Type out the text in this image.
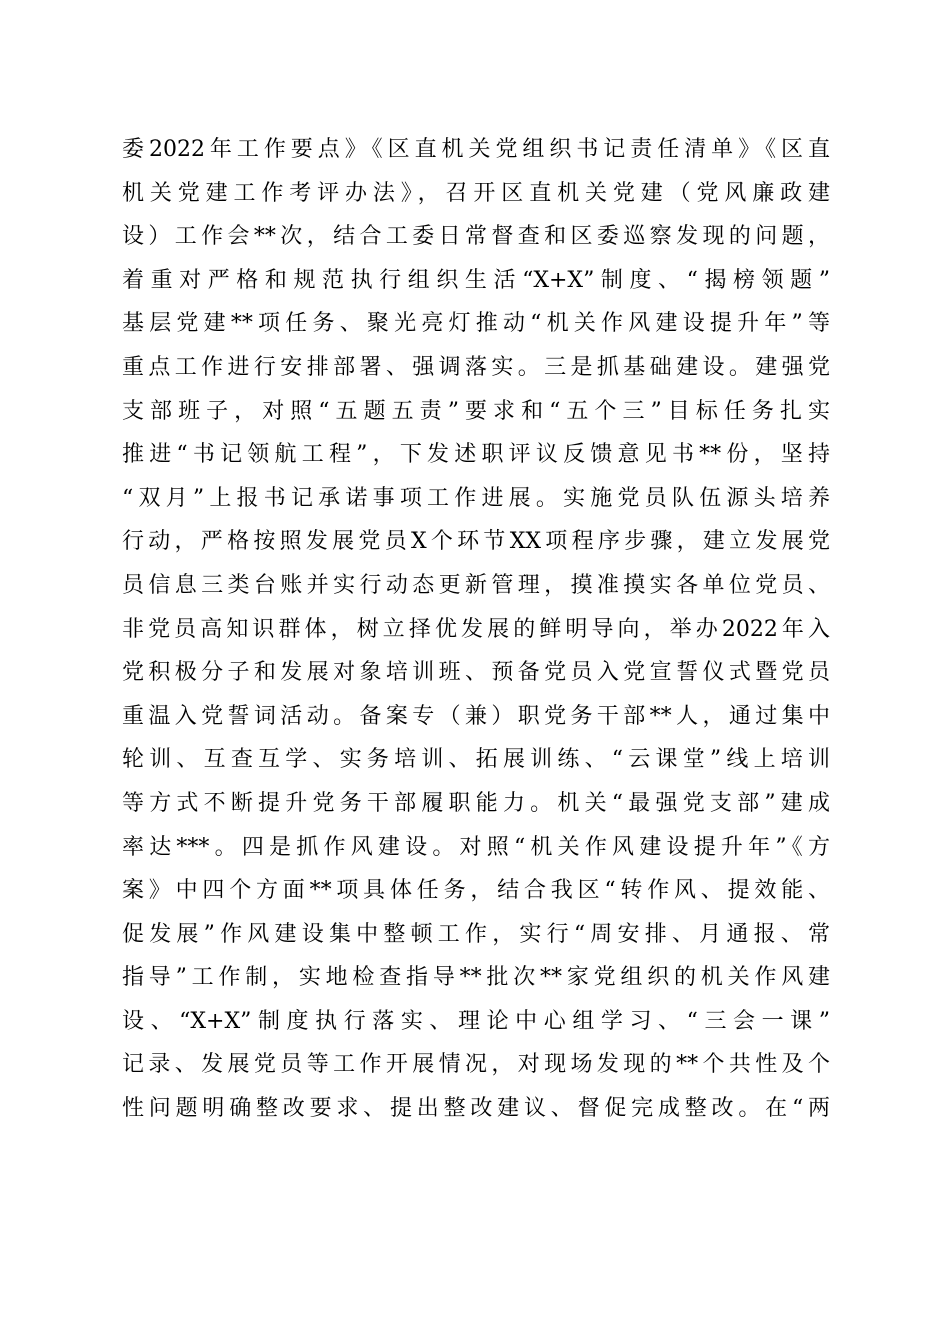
委2022年工作要点》《区直机关党组织书记责任清单》《区直
机关党建工作考评办法》，召开区直机关党建（党风廉政建
设）工作会**次，结合工委日常督查和区委巡察发现的问题，
着重对严格和规范执行组织生活“X+X”制度、“揭榜领题”
基层党建**项任务、聚光亮灯推动“机关作风建设提升年”等
重点工作进行安排部署、强调落实。三是抓基础建设。建强党
支部班子，对照“五题五责”要求和“五个三”目标任务扎实
推进“书记领航工程”，下发述职评议反馈意见书**份，坚持
“双月”上报书记承诺事项工作进展。实施党员队伍源头培养
行动，严格按照发展党员X个环节XX项程序步骤，建立发展党
员信息三类台账并实行动态更新管理，摸准摸实各单位党员、
非党员高知识群体，树立择优发展的鲜明导向，举办2022年入
党积极分子和发展对象培训班、预备党员入党宣誓仪式暨党员
重温入党誓词活动。备案专（兼）职党务干部**人，通过集中
轮训、互查互学、实务培训、拓展训练、“云课堂”线上培训
等方式不断提升党务干部履职能力。机关“最强党支部”建成
率达***。四是抓作风建设。对照“机关作风建设提升年”《方
案》中四个方面**项具体任务，结合我区“转作风、提效能、
促发展”作风建设集中整顿工作，实行“周安排、月通报、常
指导”工作制，实地检查指导**批次**家党组织的机关作风建
设、“X+X”制度执行落实、理论中心组学习、“三会一课”
记录、发展党员等工作开展情况，对现场发现的**个共性及个
性问题明确整改要求、提出整改建议、督促完成整改。在“两
